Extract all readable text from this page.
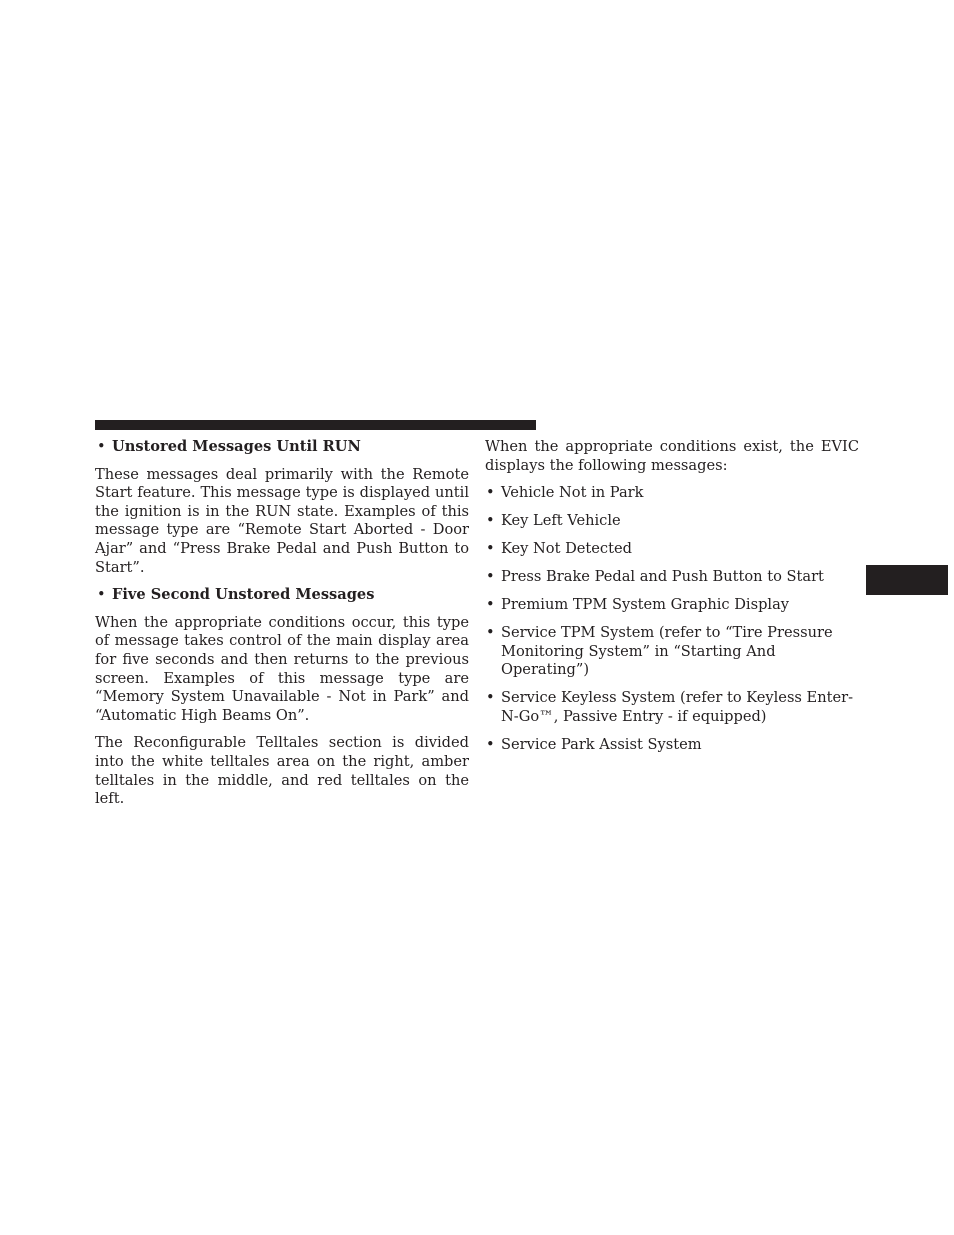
• Unstored Messages Until RUN

These messages deal primarily with the Remote Start feature. This message type is displayed until the ignition is in the RUN state. Examples of this message type are “Remote Start Aborted - Door Ajar” and “Press Brake Pedal and Push Button to Start”.

• Five Second Unstored Messages

When the appropriate conditions occur, this type of message takes control of the main display area for five seconds and then returns to the previous screen. Examples of this message type are “Memory System Unavailable - Not in Park” and “Automatic High Beams On”.

The Reconfigurable Telltales section is divided into the white telltales area on the right, amber telltales in the middle, and red telltales on the left.

When the appropriate conditions exist, the EVIC displays the following messages:

• Vehicle Not in Park
• Key Left Vehicle
• Key Not Detected
• Press Brake Pedal and Push Button to Start
• Premium TPM System Graphic Display
• Service TPM System (refer to “Tire Pressure Monitoring System” in “Starting And Operating”)
• Service Keyless System (refer to Keyless Enter-N-Go™, Passive Entry - if equipped)
• Service Park Assist System
